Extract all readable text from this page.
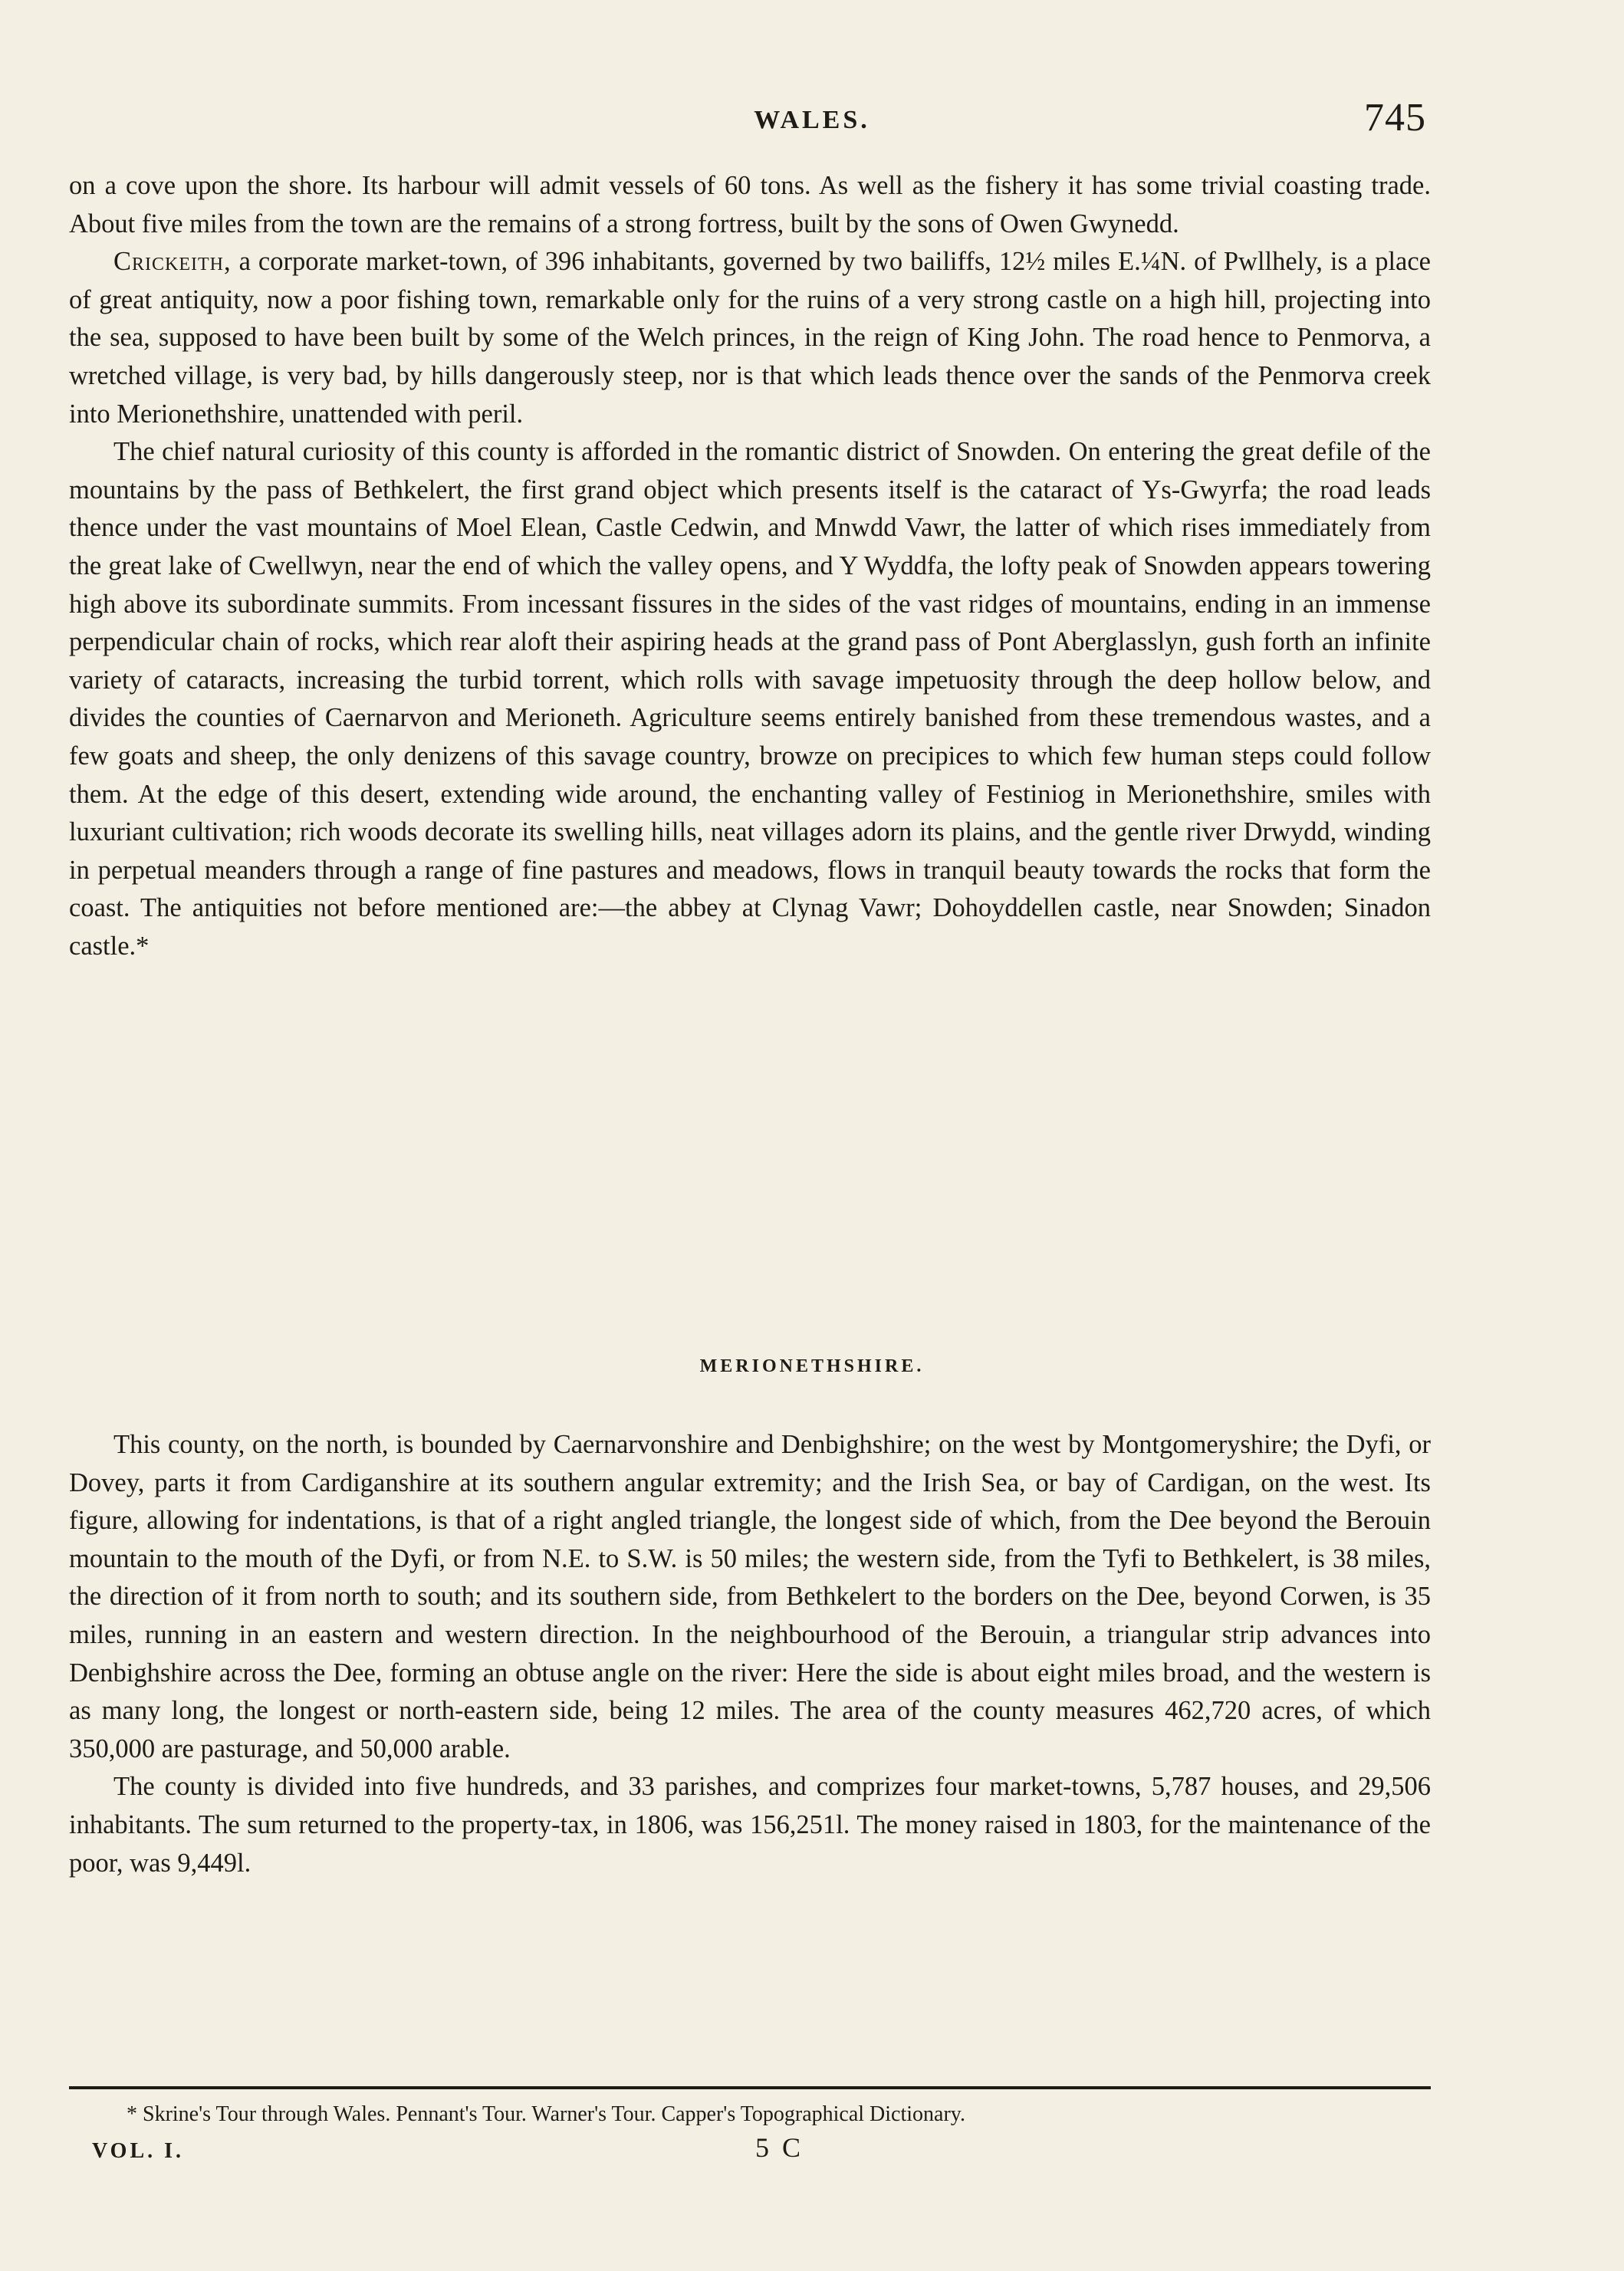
WALES.	745

on a cove upon the shore. Its harbour will admit vessels of 60 tons. As well as the fishery it has some trivial coasting trade. About five miles from the town are the remains of a strong fortress, built by the sons of Owen Gwynedd.

Crickeith, a corporate market-town, of 396 inhabitants, governed by two bailiffs, 12½ miles E.¼N. of Pwllhely, is a place of great antiquity, now a poor fishing town, remarkable only for the ruins of a very strong castle on a high hill, projecting into the sea, supposed to have been built by some of the Welch princes, in the reign of King John. The road hence to Penmorva, a wretched village, is very bad, by hills dangerously steep, nor is that which leads thence over the sands of the Penmorva creek into Merionethshire, unattended with peril.

The chief natural curiosity of this county is afforded in the romantic district of Snowden. On entering the great defile of the mountains by the pass of Bethkelert, the first grand object which presents itself is the cataract of Ys-Gwyrfa; the road leads thence under the vast mountains of Moel Elean, Castle Cedwin, and Mnwdd Vawr, the latter of which rises immediately from the great lake of Cwellwyn, near the end of which the valley opens, and Y Wyddfa, the lofty peak of Snowden appears towering high above its subordinate summits. From incessant fissures in the sides of the vast ridges of mountains, ending in an immense perpendicular chain of rocks, which rear aloft their aspiring heads at the grand pass of Pont Aberglasslyn, gush forth an infinite variety of cataracts, increasing the turbid torrent, which rolls with savage impetuosity through the deep hollow below, and divides the counties of Caernarvon and Merioneth. Agriculture seems entirely banished from these tremendous wastes, and a few goats and sheep, the only denizens of this savage country, browze on precipices to which few human steps could follow them. At the edge of this desert, extending wide around, the enchanting valley of Festiniog in Merionethshire, smiles with luxuriant cultivation; rich woods decorate its swelling hills, neat villages adorn its plains, and the gentle river Drwydd, winding in perpetual meanders through a range of fine pastures and meadows, flows in tranquil beauty towards the rocks that form the coast. The antiquities not before mentioned are:—the abbey at Clynag Vawr; Dohoyddellen castle, near Snowden; Sinadon castle.*

MERIONETHSHIRE.

This county, on the north, is bounded by Caernarvonshire and Denbighshire; on the west by Montgomeryshire; the Dyfi, or Dovey, parts it from Cardiganshire at its southern angular extremity; and the Irish Sea, or bay of Cardigan, on the west. Its figure, allowing for indentations, is that of a right angled triangle, the longest side of which, from the Dee beyond the Berouin mountain to the mouth of the Dyfi, or from N.E. to S.W. is 50 miles; the western side, from the Tyfi to Bethkelert, is 38 miles, the direction of it from north to south; and its southern side, from Bethkelert to the borders on the Dee, beyond Corwen, is 35 miles, running in an eastern and western direction. In the neighbourhood of the Berouin, a triangular strip advances into Denbighshire across the Dee, forming an obtuse angle on the river: Here the side is about eight miles broad, and the western is as many long, the longest or north-eastern side, being 12 miles. The area of the county measures 462,720 acres, of which 350,000 are pasturage, and 50,000 arable.

The county is divided into five hundreds, and 33 parishes, and comprizes four market-towns, 5,787 houses, and 29,506 inhabitants. The sum returned to the property-tax, in 1806, was 156,251l. The money raised in 1803, for the maintenance of the poor, was 9,449l.

* Skrine's Tour through Wales. Pennant's Tour. Warner's Tour. Capper's Topographical Dictionary.
VOL. I.	5 C
